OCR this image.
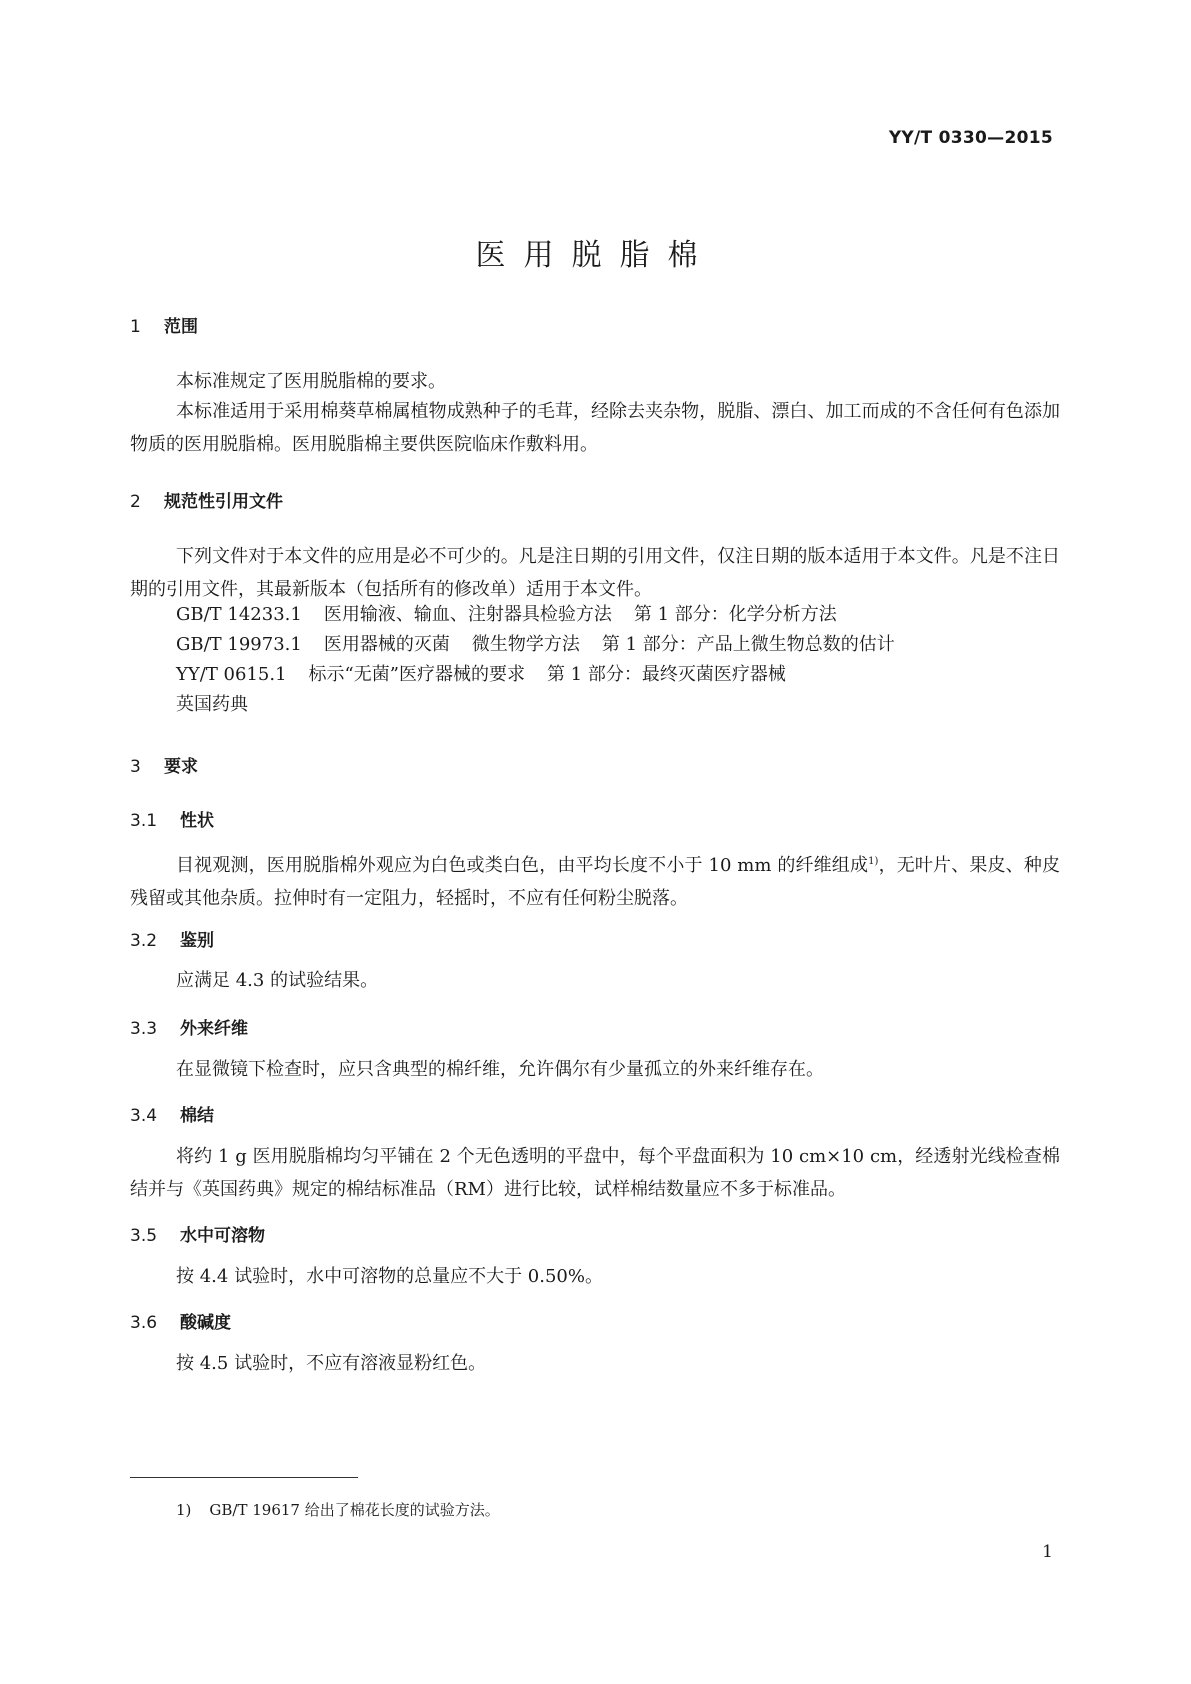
YY/T 0330—2015
医用脱脂棉
1 范围
本标准规定了医用脱脂棉的要求。
本标准适用于采用棉葵草棉属植物成熟种子的毛茸，经除去夹杂物，脱脂、漂白、加工而成的不含任何有色添加物质的医用脱脂棉。医用脱脂棉主要供医院临床作敷料用。
2 规范性引用文件
下列文件对于本文件的应用是必不可少的。凡是注日期的引用文件，仅注日期的版本适用于本文件。凡是不注日期的引用文件，其最新版本（包括所有的修改单）适用于本文件。
GB/T 14233.1 医用输液、输血、注射器具检验方法 第 1 部分：化学分析方法
GB/T 19973.1 医用器械的灭菌 微生物学方法 第 1 部分：产品上微生物总数的估计
YY/T 0615.1 标示“无菌”医疗器械的要求 第 1 部分：最终灭菌医疗器械
英国药典
3 要求
3.1 性状
目视观测，医用脱脂棉外观应为白色或类白色，由平均长度不小于 10 mm 的纤维组成$^{1)}$，无叶片、果皮、种皮残留或其他杂质。拉伸时有一定阻力，轻摇时，不应有任何粉尘脱落。
3.2 鉴别
应满足 4.3 的试验结果。
3.3 外来纤维
在显微镜下检查时，应只含典型的棉纤维，允许偶尔有少量孤立的外来纤维存在。
3.4 棉结
将约 1 g 医用脱脂棉均匀平铺在 2 个无色透明的平盘中，每个平盘面积为 10 cm×10 cm，经透射光线检查棉结并与《英国药典》规定的棉结标准品（RM）进行比较，试样棉结数量应不多于标准品。
3.5 水中可溶物
按 4.4 试验时，水中可溶物的总量应不大于 0.50%。
3.6 酸碱度
按 4.5 试验时，不应有溶液显粉红色。
1) GB/T 19617 给出了棉花长度的试验方法。
1
